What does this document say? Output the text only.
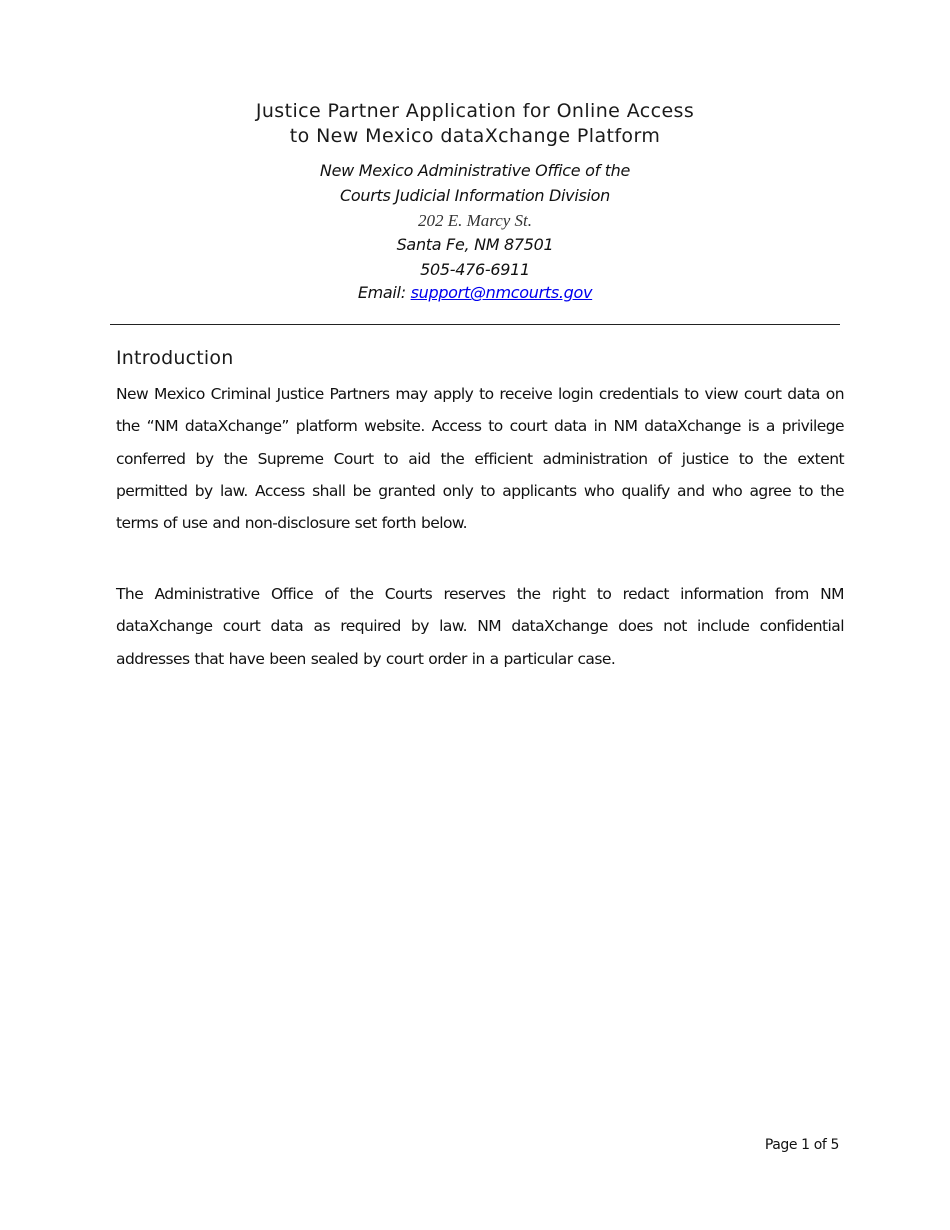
Justice Partner Application for Online Access
to New Mexico dataXchange Platform
New Mexico Administrative Office of the
Courts Judicial Information Division
202 E. Marcy St.
Santa Fe, NM 87501
505-476-6911
Email: support@nmcourts.gov
Introduction
New Mexico Criminal Justice Partners may apply to receive login credentials to view court data on the “NM dataXchange” platform website. Access to court data in NM dataXchange is a privilege conferred by the Supreme Court to aid the efficient administration of justice to the extent permitted by law. Access shall be granted only to applicants who qualify and who agree to the terms of use and non-disclosure set forth below.
The Administrative Office of the Courts reserves the right to redact information from NM dataXchange court data as required by law. NM dataXchange does not include confidential addresses that have been sealed by court order in a particular case.
Page 1 of 5
